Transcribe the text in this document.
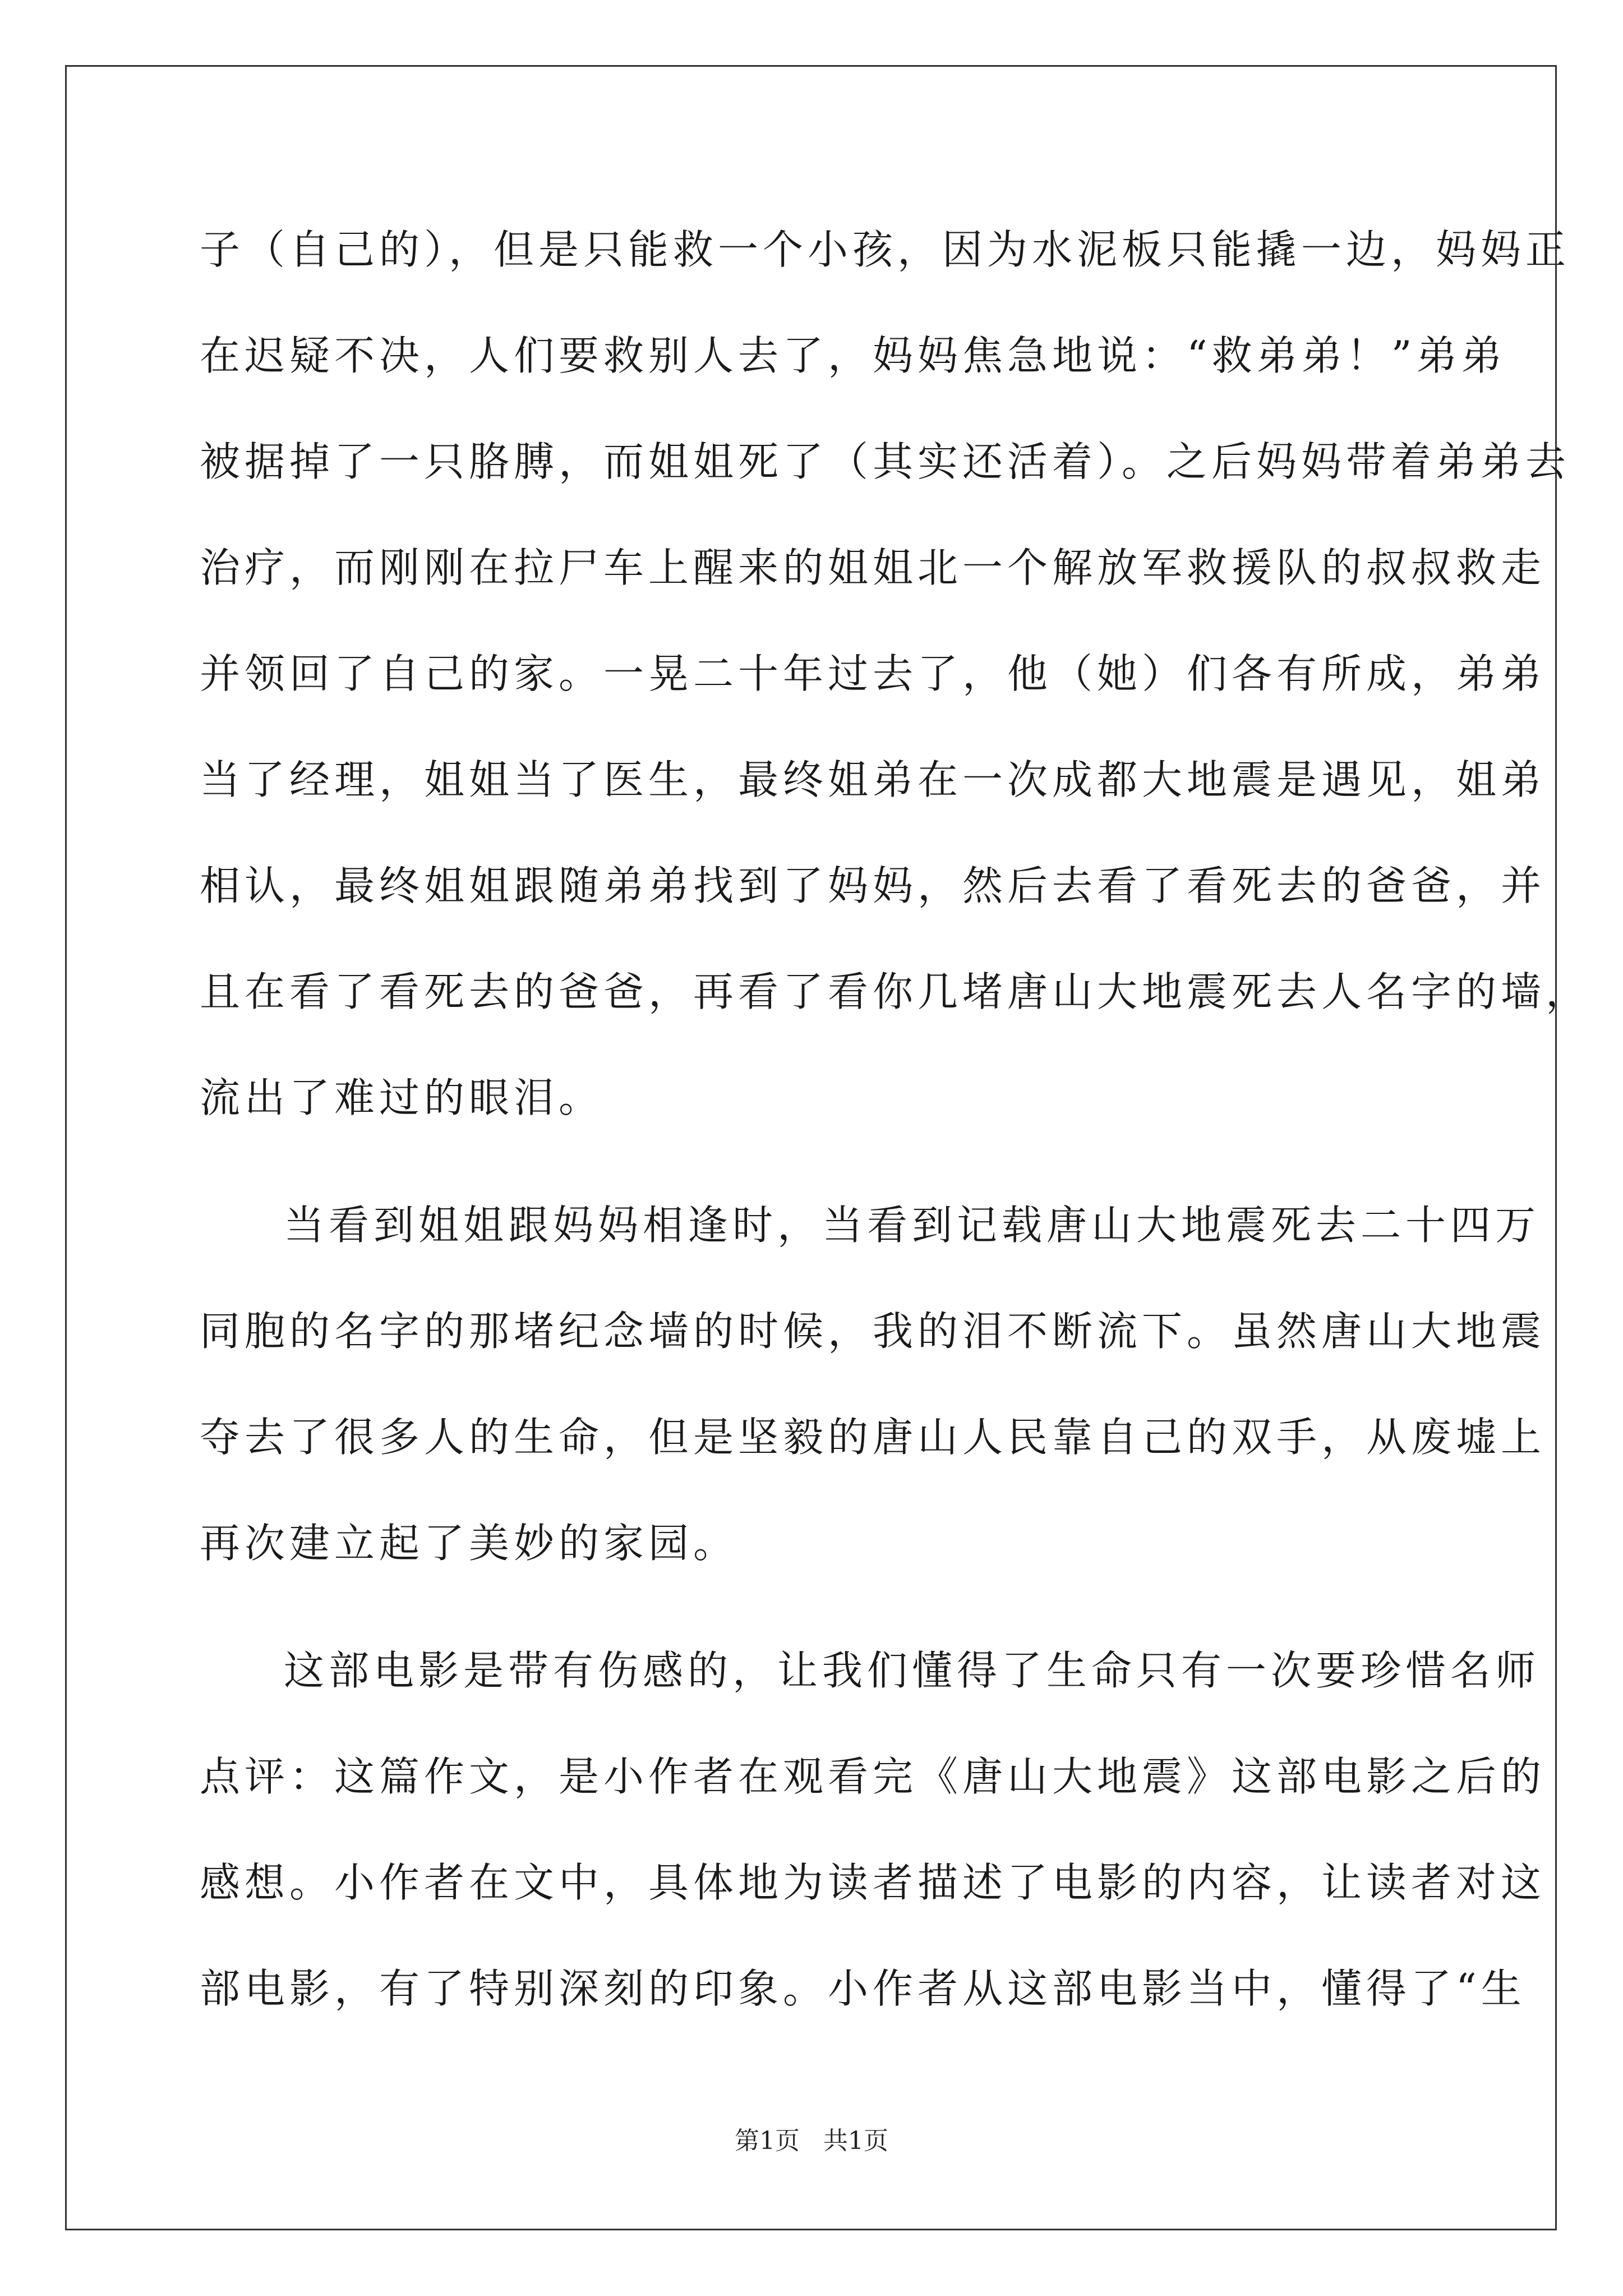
子（自己的），但是只能救一个小孩，因为水泥板只能撬一边，妈妈正
在迟疑不决，人们要救别人去了，妈妈焦急地说：“救弟弟！”弟弟
被据掉了一只胳膊，而姐姐死了（其实还活着）。之后妈妈带着弟弟去
治疗，而刚刚在拉尸车上醒来的姐姐北一个解放军救援队的叔叔救走
并领回了自己的家。一晃二十年过去了，他（她）们各有所成，弟弟
当了经理，姐姐当了医生，最终姐弟在一次成都大地震是遇见，姐弟
相认，最终姐姐跟随弟弟找到了妈妈，然后去看了看死去的爸爸，并
且在看了看死去的爸爸，再看了看你几堵唐山大地震死去人名字的墙，
流出了难过的眼泪。
当看到姐姐跟妈妈相逢时，当看到记载唐山大地震死去二十四万
同胞的名字的那堵纪念墙的时候，我的泪不断流下。虽然唐山大地震
夺去了很多人的生命，但是坚毅的唐山人民靠自己的双手，从废墟上
再次建立起了美妙的家园。
这部电影是带有伤感的，让我们懂得了生命只有一次要珍惜名师
点评：这篇作文，是小作者在观看完《唐山大地震》这部电影之后的
感想。小作者在文中，具体地为读者描述了电影的内容，让读者对这
部电影，有了特别深刻的印象。小作者从这部电影当中，懂得了“生
第1页   共1页
